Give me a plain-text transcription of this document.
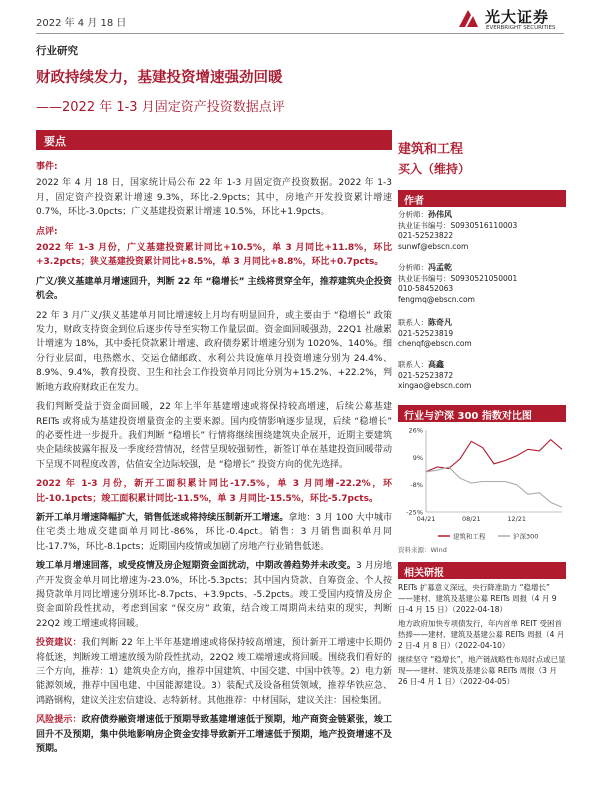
2022 年 4 月 18 日	光大证券
EVERBRIGHT SECURITIES
行业研究
财政持续发力，基建投资增速强劲回暖
——2022 年 1-3 月固定资产投资数据点评
要点

事件:

2022 年 4 月 18 日，国家统计局公布 22 年 1-3 月固定资产投资数据。2022 年 1-3 月，固定资产投资累计增速 9.3%，环比-2.9pcts；其中，房地产开发投资累计增速 0.7%，环比-3.0pcts；广义基建投资累计增速 10.5%，环比+1.9pcts。

点评:

2022 年 1-3 月份，广义基建投资累计同比+10.5%，单 3 月同比+11.8%，环比+3.2pcts；狭义基建投资累计同比+8.5%，单 3 月同比+8.8%，环比+0.7pcts。

广义/狭义基建单月增速回升，判断 22 年 “稳增长” 主线将贯穿全年，推荐建筑央企投资机会。

22 年 3 月广义/狭义基建单月同比增速较上月均有明显回升，或主要由于 “稳增长” 政策发力，财政支持资金到位后逐步传导至实物工作量层面。资金面回暖强劲，22Q1 社融累计增速为 18%，其中委托贷款累计增速、政府债券累计增速分别为 1020%、140%。细分行业层面，电热燃水、交运仓储邮政、水利公共设施单月投资增速分别为 24.4%、8.9%、9.4%，教育投资、卫生和社会工作投资单月同比分别为+15.2%、+22.2%，判断地方政府财政正在发力。

我们判断受益于资金面回暖，22 年上半年基建增速或将保持较高增速，后续公募基建 REITs 或将成为基建投资增量资金的主要来源。国内疫情影响逐步显现，后续 “稳增长” 的必要性进一步提升。我们判断 “稳增长” 行情将继续围绕建筑央企展开，近期主要建筑央企陆续披露年报及一季度经营情况，经营呈现较强韧性，新签订单在基建投资回暖带动下呈现不同程度改善，估值安全边际较强，是 “稳增长” 投资方向的优先选择。

2022 年 1-3 月份，新开工面积累计同比-17.5%，单 3 月同增-22.2%，环比-10.1pcts；竣工面积累计同比-11.5%，单 3 月同比-15.5%，环比-5.7pcts。

新开工单月增速降幅扩大，销售低迷或将持续压制新开工增速。拿地：3 月 100 大中城市住宅类土地成交建面单月同比-86%，环比-0.4pct。销售：3 月销售面积单月同比-17.7%，环比-8.1pcts；近期国内疫情或加剧了房地产行业销售低迷。

竣工单月增速回落，或受疫情及房企短期资金面扰动，中期改善趋势并未改变。3 月房地产开发资金单月同比增速为-23.0%，环比-5.3pcts；其中国内贷款、自筹资金、个人按揭贷款单月同比增速分别环比-8.7pcts、+3.9pcts、-5.2pcts。竣工受国内疫情及房企资金面阶段性扰动，考虑到国家 “保交房” 政策，结合竣工周期尚未结束的现实，判断 22Q2 竣工增速或将回暖。

投资建议：我们判断 22 年上半年基建增速或将保持较高增速，预计新开工增速中长期仍将低迷，判断竣工增速放缓为阶段性扰动，22Q2 竣工端增速或将回暖。围绕我们看好的三个方向，推荐：1）建筑央企方向，推荐中国建筑、中国交建、中国中铁等。2）电力新能源领域，推荐中国电建、中国能源建设。3）装配式及设备租赁领域，推荐华铁应急、鸿路钢构，建议关注宏信建设、志特新材。其他推荐：中材国际，建议关注：国检集团。

风险提示：政府债券融资增速低于预期导致基建增速低于预期，地产商资金链紧张，竣工回升不及预期，集中供地影响房企资金安排导致新开工增速低于预期，地产投资增速不及预期。

建筑和工程
买入（维持）
作者
分析师：孙伟风
执业证书编号：S0930516110003
021-52523822
sunwf@ebscn.com
分析师：冯孟乾
执业证书编号：S0930521050001
010-58452063
fengmq@ebscn.com
联系人：陈奇凡
021-52523819
chenqf@ebscn.com
联系人：高鑫
021-52523872
xingao@ebscn.com
行业与沪深 300 指数对比图
26%
9%
-8%
-25%
04/21	08/21	12/21
建筑和工程	沪深300
资料来源：Wind
相关研报

REITs 扩募意义深远，央行降准助力 “稳增长” ——建材、建筑及基建公募 REITs 周报（4 月 9 日-4 月 15 日）（2022-04-18）

地方政府加快专项债发行，年内首单 REIT 受困首热捧——建材、建筑及基建公募 REITs 周报（4 月 2 日-4 月 8 日）（2022-04-10）

继续坚守 “稳增长”，地产链战略性布局时点或已显现——建材、建筑及基建公募 REITs 周报（3 月 26 日-4 月 1 日）（2022-04-05）
